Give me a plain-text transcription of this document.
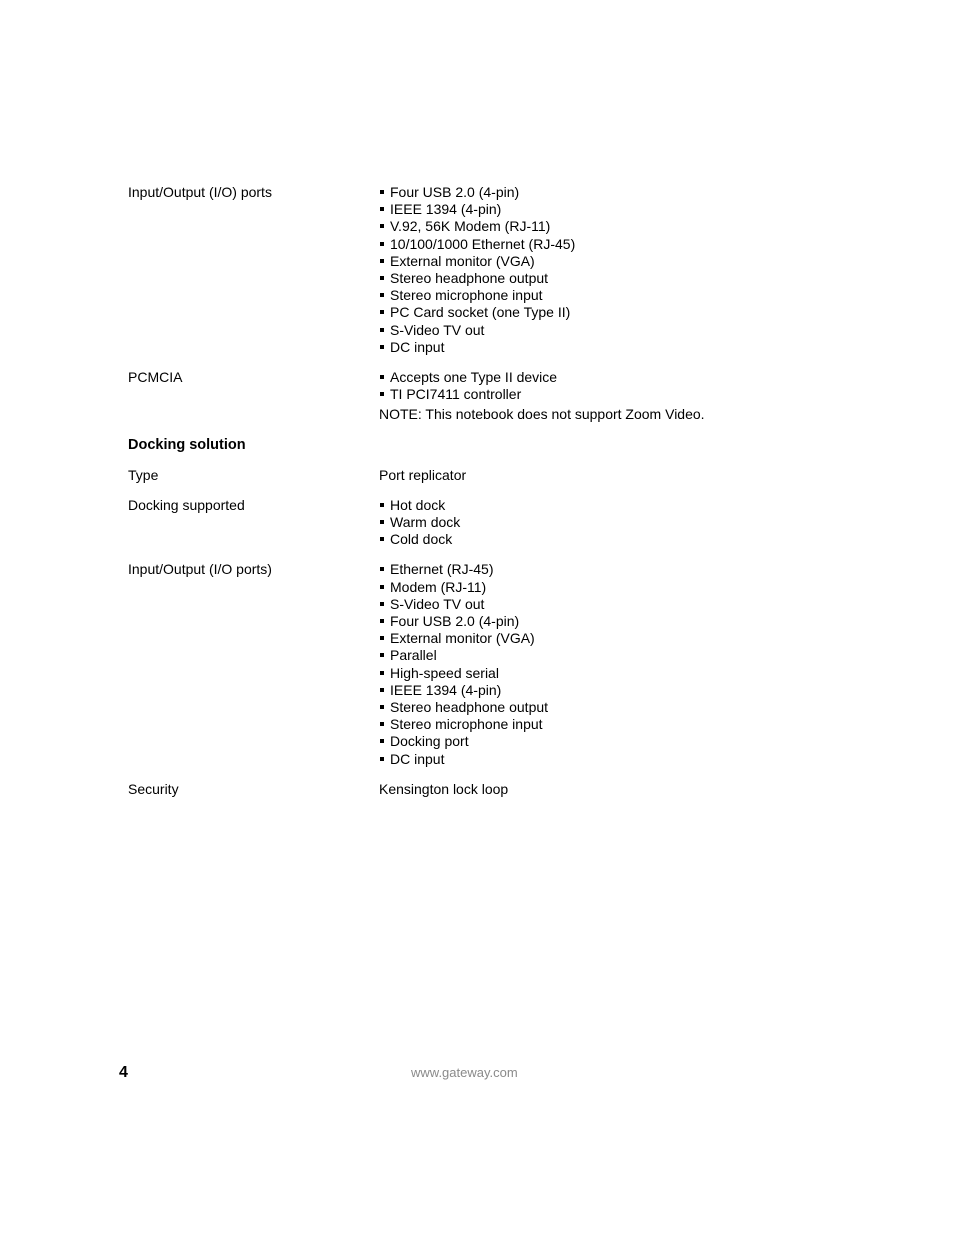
Input/Output (I/O) ports	Four USB 2.0 (4-pin)
IEEE 1394 (4-pin)
V.92, 56K Modem (RJ-11)
10/100/1000 Ethernet (RJ-45)
External monitor (VGA)
Stereo headphone output
Stereo microphone input
PC Card socket (one Type II)
S-Video TV out
DC input
PCMCIA	Accepts one Type II device
TI PCI7411 controller
NOTE: This notebook does not support Zoom Video.
Docking solution
Type	Port replicator
Docking supported	Hot dock
Warm dock
Cold dock
Input/Output (I/O ports)	Ethernet (RJ-45)
Modem (RJ-11)
S-Video TV out
Four USB 2.0 (4-pin)
External monitor (VGA)
Parallel
High-speed serial
IEEE 1394 (4-pin)
Stereo headphone output
Stereo microphone input
Docking port
DC input
Security	Kensington lock loop
4	www.gateway.com
